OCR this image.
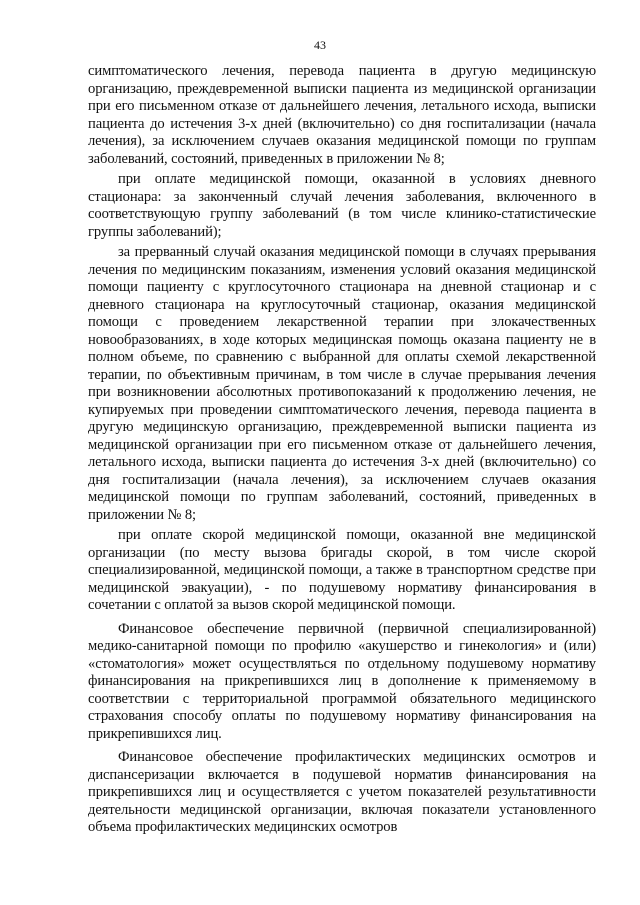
43

симптоматического лечения, перевода пациента в другую медицинскую организацию, преждевременной выписки пациента из медицинской организации при его письменном отказе от дальнейшего лечения, летального исхода, выписки пациента до истечения 3-х дней (включительно) со дня госпитализации (начала лечения), за исключением случаев оказания медицинской помощи по группам заболеваний, состояний, приведенных в приложении № 8;

при оплате медицинской помощи, оказанной в условиях дневного стационара: за законченный случай лечения заболевания, включенного в соответствующую группу заболеваний (в том числе клинико-статистические группы заболеваний);

за прерванный случай оказания медицинской помощи в случаях прерывания лечения по медицинским показаниям, изменения условий оказания медицинской помощи пациенту с круглосуточного стационара на дневной стационар и с дневного стационара на круглосуточный стационар, оказания медицинской помощи с проведением лекарственной терапии при злокачественных новообразованиях, в ходе которых медицинская помощь оказана пациенту не в полном объеме, по сравнению с выбранной для оплаты схемой лекарственной терапии, по объективным причинам, в том числе в случае прерывания лечения при возникновении абсолютных противопоказаний к продолжению лечения, не купируемых при проведении симптоматического лечения, перевода пациента в другую медицинскую организацию, преждевременной выписки пациента из медицинской организации при его письменном отказе от дальнейшего лечения, летального исхода, выписки пациента до истечения 3-х дней (включительно) со дня госпитализации (начала лечения), за исключением случаев оказания медицинской помощи по группам заболеваний, состояний, приведенных в приложении № 8;

при оплате скорой медицинской помощи, оказанной вне медицинской организации (по месту вызова бригады скорой, в том числе скорой специализированной, медицинской помощи, а также в транспортном средстве при медицинской эвакуации), - по подушевому нормативу финансирования в сочетании с оплатой за вызов скорой медицинской помощи.

Финансовое обеспечение первичной (первичной специализированной) медико-санитарной помощи по профилю «акушерство и гинекология» и (или) «стоматология» может осуществляться по отдельному подушевому нормативу финансирования на прикрепившихся лиц в дополнение к применяемому в соответствии с территориальной программой обязательного медицинского страхования способу оплаты по подушевому нормативу финансирования на прикрепившихся лиц.

Финансовое обеспечение профилактических медицинских осмотров и диспансеризации включается в подушевой норматив финансирования на прикрепившихся лиц и осуществляется с учетом показателей результативности деятельности медицинской организации, включая показатели установленного объема профилактических медицинских осмотров
